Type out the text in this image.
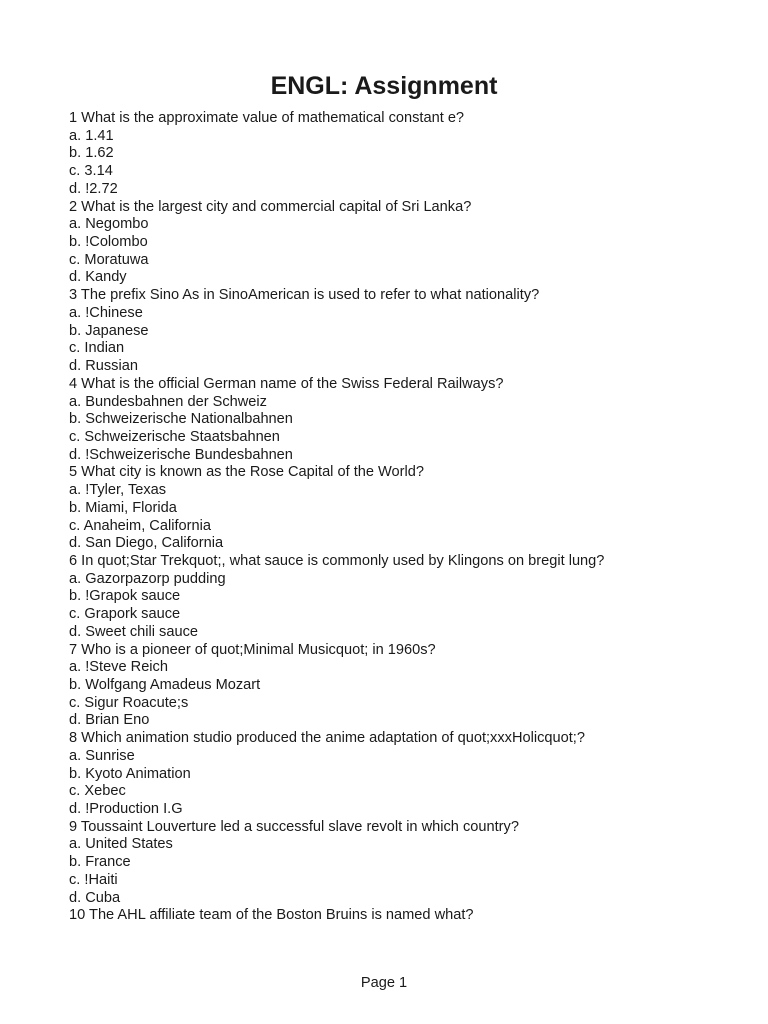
ENGL: Assignment
1 What is the approximate value of mathematical constant e?
a. 1.41
b. 1.62
c. 3.14
d. !2.72
2 What is the largest city and commercial capital of Sri Lanka?
a. Negombo
b. !Colombo
c. Moratuwa
d. Kandy
3 The prefix Sino As in SinoAmerican is used to refer to what nationality?
a. !Chinese
b. Japanese
c. Indian
d. Russian
4 What is the official German name of the Swiss Federal Railways?
a. Bundesbahnen der Schweiz
b. Schweizerische Nationalbahnen
c. Schweizerische Staatsbahnen
d. !Schweizerische Bundesbahnen
5 What city is known as the Rose Capital of the World?
a. !Tyler, Texas
b. Miami, Florida
c. Anaheim, California
d. San Diego, California
6 In quot;Star Trekquot;, what sauce is commonly used by Klingons on bregit lung?
a. Gazorpazorp pudding
b. !Grapok sauce
c. Grapork sauce
d. Sweet chili sauce
7 Who is a pioneer of quot;Minimal Musicquot; in 1960s?
a. !Steve Reich
b. Wolfgang Amadeus Mozart
c. Sigur Roacute;s
d. Brian Eno
8 Which animation studio produced the anime adaptation of quot;xxxHolicquot;?
a. Sunrise
b. Kyoto Animation
c. Xebec
d. !Production I.G
9 Toussaint Louverture led a successful slave revolt in which country?
a. United States
b. France
c. !Haiti
d. Cuba
10 The AHL affiliate team of the Boston Bruins is named what?
Page 1
